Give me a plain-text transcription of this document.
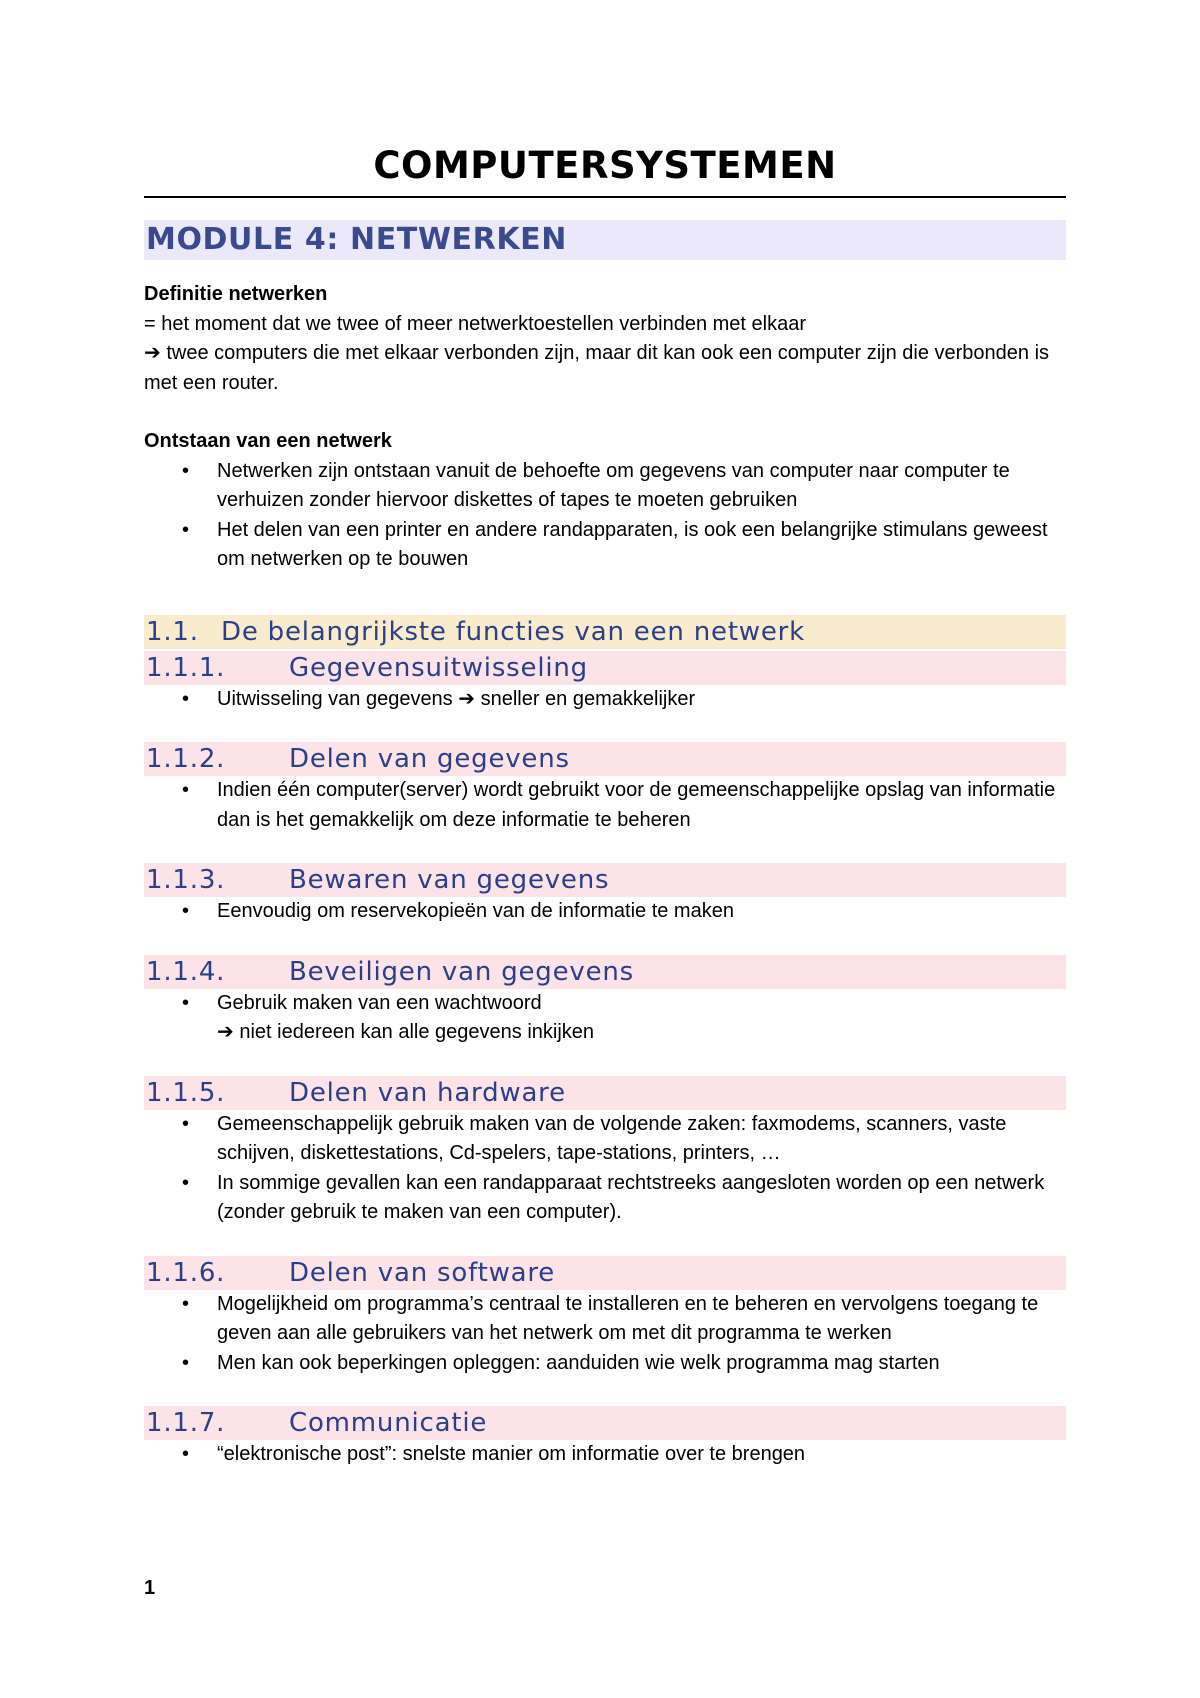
COMPUTERSYSTEMEN
MODULE 4: NETWERKEN

Definitie netwerken

= het moment dat we twee of meer netwerktoestellen verbinden met elkaar

➔ twee computers die met elkaar verbonden zijn, maar dit kan ook een computer zijn die verbonden is met een router.

Ontstaan van een netwerk

• Netwerken zijn ontstaan vanuit de behoefte om gegevens van computer naar computer te verhuizen zonder hiervoor diskettes of tapes te moeten gebruiken
• Het delen van een printer en andere randapparaten, is ook een belangrijke stimulans geweest om netwerken op te bouwen
1.1. De belangrijkste functies van een netwerk
1.1.1.	Gegevensuitwisseling
• Uitwisseling van gegevens ➔ sneller en gemakkelijker
1.1.2.	Delen van gegevens
• Indien één computer(server) wordt gebruikt voor de gemeenschappelijke opslag van informatie dan is het gemakkelijk om deze informatie te beheren
1.1.3.	Bewaren van gegevens
• Eenvoudig om reservekopieën van de informatie te maken
1.1.4.	Beveiligen van gegevens
• Gebruik maken van een wachtwoord
➔ niet iedereen kan alle gegevens inkijken
1.1.5.	Delen van hardware
• Gemeenschappelijk gebruik maken van de volgende zaken: faxmodems, scanners, vaste schijven, diskettestations, Cd-spelers, tape-stations, printers, …
• In sommige gevallen kan een randapparaat rechtstreeks aangesloten worden op een netwerk (zonder gebruik te maken van een computer).
1.1.6.	Delen van software
• Mogelijkheid om programma’s centraal te installeren en te beheren en vervolgens toegang te geven aan alle gebruikers van het netwerk om met dit programma te werken
• Men kan ook beperkingen opleggen: aanduiden wie welk programma mag starten
1.1.7.	Communicatie
• “elektronische post”: snelste manier om informatie over te brengen
1
